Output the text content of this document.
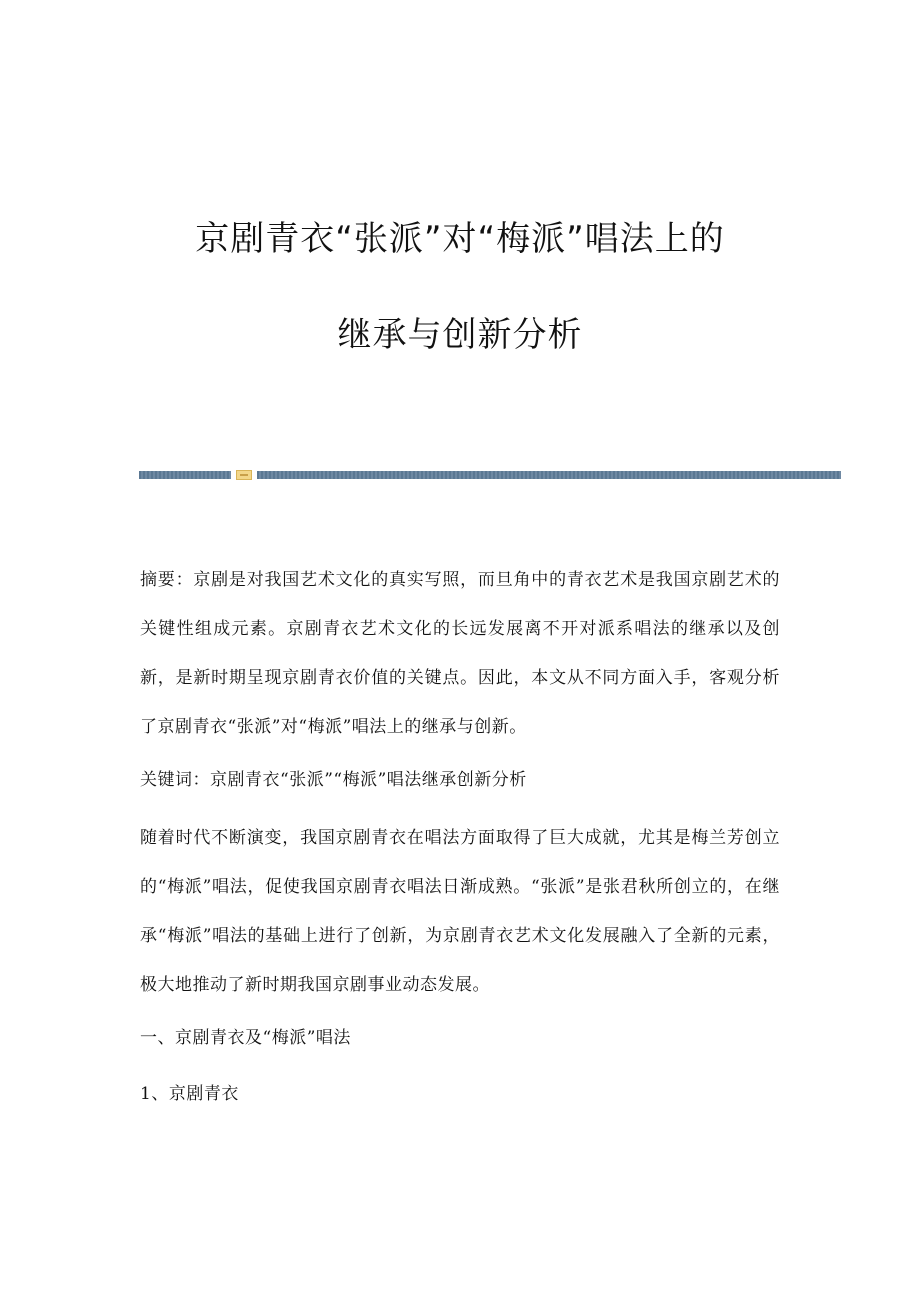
京剧青衣“张派”对“梅派”唱法上的
继承与创新分析
摘要：京剧是对我国艺术文化的真实写照，而旦角中的青衣艺术是我国京剧艺术的关键性组成元素。京剧青衣艺术文化的长远发展离不开对派系唱法的继承以及创新，是新时期呈现京剧青衣价值的关键点。因此，本文从不同方面入手，客观分析了京剧青衣“张派”对“梅派”唱法上的继承与创新。
关键词：京剧青衣“张派”“梅派”唱法继承创新分析
随着时代不断演变，我国京剧青衣在唱法方面取得了巨大成就，尤其是梅兰芳创立的“梅派”唱法，促使我国京剧青衣唱法日渐成熟。“张派”是张君秋所创立的，在继承“梅派”唱法的基础上进行了创新，为京剧青衣艺术文化发展融入了全新的元素，极大地推动了新时期我国京剧事业动态发展。
一、京剧青衣及“梅派”唱法
1、京剧青衣
